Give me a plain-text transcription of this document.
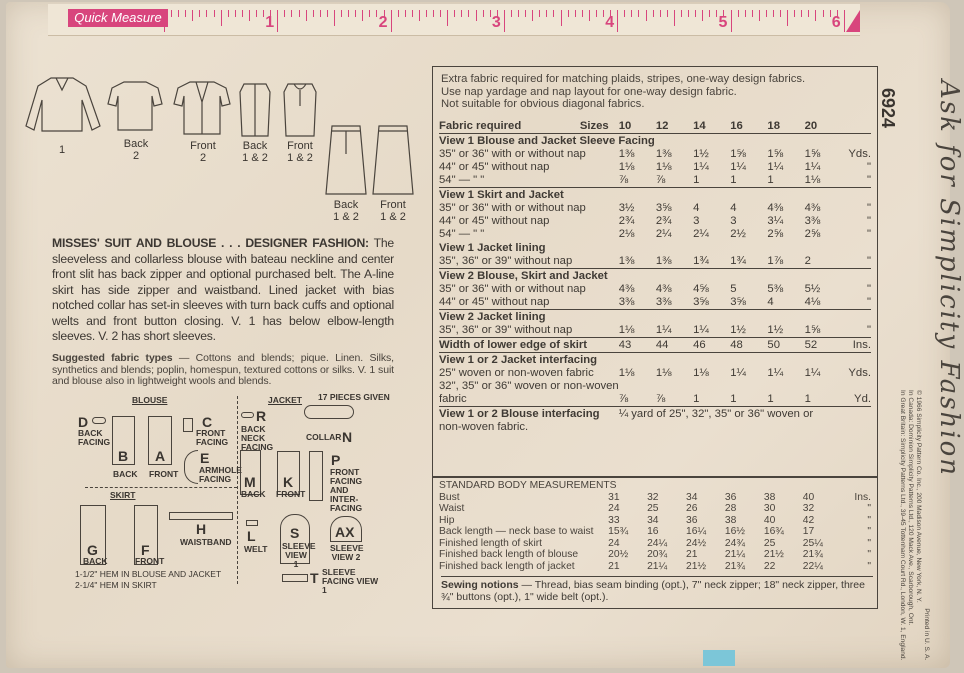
Quick Measure	1	2	3	4	5	6
1	Back
2
Front
2
Back
1 & 2
Front
1 & 2
Back
1 & 2
Front
1 & 2
MISSES' SUIT AND BLOUSE . . . DESIGNER FASHION: The sleeveless and collarless blouse with bateau neckline and center front slit has back zipper and optional purchased belt. The A-line skirt has side zipper and waistband. Lined jacket with bias notched collar has set-in sleeves with turn back cuffs and optional welts and front button closing. V. 1 has below elbow-length sleeves. V. 2 has short sleeves.
Suggested fabric types — Cottons and blends; pique. Linen. Silks, synthetics and blends; poplin, homespun, textured cottons or silks. V. 1 suit and blouse also in lightweight wools and blends.
BLOUSE	JACKET 17 PIECES GIVEN
SKIRT
D
BACK FACING
B
BACK
A
FRONT
C
FRONT FACING
E
ARMHOLE FACING
R
BACK NECK FACING
COLLAR N
M
BACK
K
FRONT
P
FRONT FACING AND INTER-FACING
G
BACK
F
FRONT
H
WAISTBAND L
WELT
S
SLEEVE VIEW 1
AX
SLEEVE VIEW 2
T SLEEVE FACING VIEW 1
1-1/2" HEM IN BLOUSE AND JACKET
2-1/4" HEM IN SKIRT
Extra fabric required for matching plaids, stripes, one-way design fabrics.
Use nap yardage and nap layout for one-way design fabric.
Not suitable for obvious diagonal fabrics.
Fabric required	Sizes	10	12	14	16	18	20	
View 1 Blouse and Jacket Sleeve Facing								
35" or 36" with or without nap		1⅜	1⅜	1½	1⅝	1⅝	1⅝	Yds.
44" or 45" without nap		1⅛	1⅛	1¼	1¼	1¼	1¼	"
54" — " "		⅞	⅞	1	1	1	1⅛	"
View 1 Skirt and Jacket								
35" or 36" with or without nap		3½	3⅝	4	4	4⅜	4⅜	"
44" or 45" without nap		2¾	2¾	3	3	3¼	3⅜	"
54" — " "		2⅛	2¼	2¼	2½	2⅝	2⅝	"
View 1 Jacket lining								
35", 36" or 39" without nap		1⅜	1⅜	1¾	1¾	1⅞	2	"
View 2 Blouse, Skirt and Jacket								
35" or 36" with or without nap		4⅜	4⅜	4⅝	5	5⅜	5½	"
44" or 45" without nap		3⅜	3⅜	3⅝	3⅝	4	4⅛	"
View 2 Jacket lining								
35", 36" or 39" without nap		1⅛	1¼	1¼	1½	1½	1⅝	"
Width of lower edge of skirt		43	44	46	48	50	52	Ins.
View 1 or 2 Jacket interfacing								
25" woven or non-woven fabric		1⅛	1⅛	1⅛	1¼	1¼	1¼	Yds.
32", 35" or 36" woven or non-woven								
fabric		⅞	⅞	1	1	1	1	Yd.
View 1 or 2 Blouse interfacing		¼ yard of 25", 32", 35" or 36" woven or						
non-woven fabric.								
STANDARD BODY MEASUREMENTS							
Bust	31	32	34	36	38	40	Ins.
Waist	24	25	26	28	30	32	"
Hip	33	34	36	38	40	42	"
Back length — neck base to waist	15¾	16	16¼	16½	16¾	17	"
Finished length of skirt	24	24¼	24½	24¾	25	25¼	"
Finished back length of blouse	20½	20¾	21	21¼	21½	21¾	"
Finished back length of jacket	21	21¼	21½	21¾	22	22¼	"
Sewing notions — Thread, bias seam binding (opt.), 7" neck zipper; 18" neck zipper, three ¾" buttons (opt.), 1" wide belt (opt.).
6924
Printed in U. S. A.
© 1966 Simplicity Pattern Co. Inc., 200 Madison Avenue, New York, N. Y.
In Canada: Dominion Simplicity Patterns Ltd., 120 Mack Ave., Scarborough, Ont.
In Great Britain: Simplicity Patterns Ltd., 39-45 Tottenham Court Rd., London, W. 1, England.
Ask for Simplicity Fashion
